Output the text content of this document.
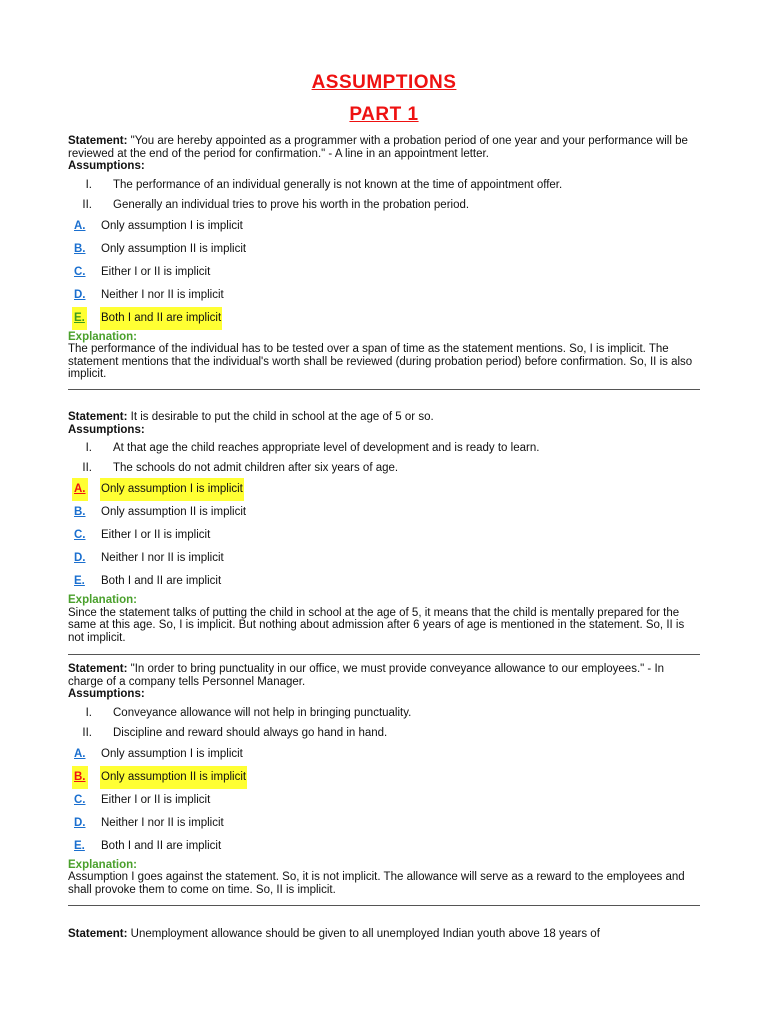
ASSUMPTIONS
PART 1
Statement: "You are hereby appointed as a programmer with a probation period of one year and your performance will be reviewed at the end of the period for confirmation." - A line in an appointment letter.
Assumptions:
I. The performance of an individual generally is not known at the time of appointment offer.
II. Generally an individual tries to prove his worth in the probation period.
A. Only assumption I is implicit
B. Only assumption II is implicit
C. Either I or II is implicit
D. Neither I nor II is implicit
E. Both I and II are implicit
Explanation:
The performance of the individual has to be tested over a span of time as the statement mentions. So, I is implicit. The statement mentions that the individual's worth shall be reviewed (during probation period) before confirmation. So, II is also implicit.
Statement: It is desirable to put the child in school at the age of 5 or so.
Assumptions:
I. At that age the child reaches appropriate level of development and is ready to learn.
II. The schools do not admit children after six years of age.
A. Only assumption I is implicit
B. Only assumption II is implicit
C. Either I or II is implicit
D. Neither I nor II is implicit
E. Both I and II are implicit
Explanation:
Since the statement talks of putting the child in school at the age of 5, it means that the child is mentally prepared for the same at this age. So, I is implicit. But nothing about admission after 6 years of age is mentioned in the statement. So, II is not implicit.
Statement: "In order to bring punctuality in our office, we must provide conveyance allowance to our employees." - In charge of a company tells Personnel Manager.
Assumptions:
I. Conveyance allowance will not help in bringing punctuality.
II. Discipline and reward should always go hand in hand.
A. Only assumption I is implicit
B. Only assumption II is implicit
C. Either I or II is implicit
D. Neither I nor II is implicit
E. Both I and II are implicit
Explanation:
Assumption I goes against the statement. So, it is not implicit. The allowance will serve as a reward to the employees and shall provoke them to come on time. So, II is implicit.
Statement: Unemployment allowance should be given to all unemployed Indian youth above 18 years of
